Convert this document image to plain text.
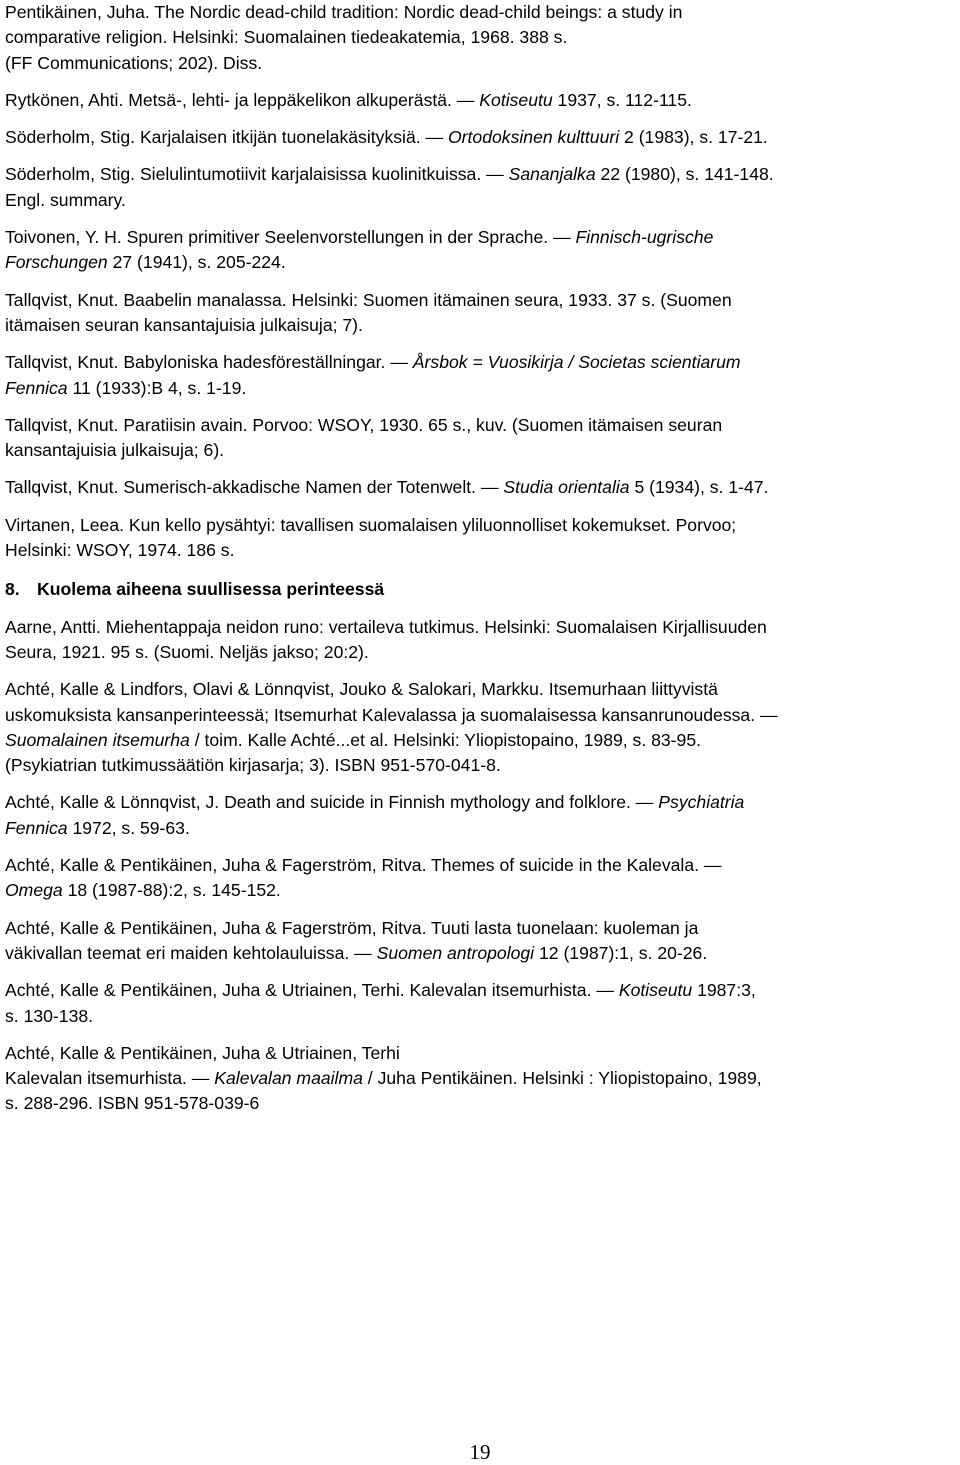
Pentikäinen, Juha. The Nordic dead-child tradition: Nordic dead-child beings: a study in

comparative religion. Helsinki: Suomalainen tiedeakatemia, 1968. 388 s.

(FF Communications; 202). Diss.

Rytkönen, Ahti. Metsä-, lehti- ja leppäkelikon alkuperästä. — Kotiseutu 1937, s. 112-115.

Söderholm, Stig. Karjalaisen itkijän tuonelakäsityksiä. — Ortodoksinen kulttuuri 2 (1983), s. 17-21.

Söderholm, Stig. Sielulintumotiivit karjalaisissa kuolinitkuissa. — Sananjalka 22 (1980), s. 141-148.

Engl. summary.

Toivonen, Y. H. Spuren primitiver Seelenvorstellungen in der Sprache. — Finnisch-ugrische

Forschungen 27 (1941), s. 205-224.

Tallqvist, Knut. Baabelin manalassa. Helsinki: Suomen itämainen seura, 1933. 37 s. (Suomen

itämaisen seuran kansantajuisia julkaisuja; 7).

Tallqvist, Knut. Babyloniska hadesföreställningar. — Årsbok = Vuosikirja / Societas scientiarum

Fennica 11 (1933):B 4, s. 1-19.

Tallqvist, Knut. Paratiisin avain. Porvoo: WSOY, 1930. 65 s., kuv. (Suomen itämaisen seuran

kansantajuisia julkaisuja; 6).

Tallqvist, Knut. Sumerisch-akkadische Namen der Totenwelt. — Studia orientalia 5 (1934), s. 1-47.

Virtanen, Leea. Kun kello pysähtyi: tavallisen suomalaisen yliluonnolliset kokemukset. Porvoo;

Helsinki: WSOY, 1974. 186 s.

8. Kuolema aiheena suullisessa perinteessä

Aarne, Antti. Miehentappaja neidon runo: vertaileva tutkimus. Helsinki: Suomalaisen Kirjallisuuden

Seura, 1921. 95 s. (Suomi. Neljäs jakso; 20:2).

Achté, Kalle & Lindfors, Olavi & Lönnqvist, Jouko & Salokari, Markku. Itsemurhaan liittyvistä

uskomuksista kansanperinteessä; Itsemurhat Kalevalassa ja suomalaisessa kansanrunoudessa. —

Suomalainen itsemurha / toim. Kalle Achté...et al. Helsinki: Yliopistopaino, 1989, s. 83-95.

(Psykiatrian tutkimussäätiön kirjasarja; 3). ISBN 951-570-041-8.

Achté, Kalle & Lönnqvist, J. Death and suicide in Finnish mythology and folklore. — Psychiatria

Fennica 1972, s. 59-63.

Achté, Kalle & Pentikäinen, Juha & Fagerström, Ritva. Themes of suicide in the Kalevala. —

Omega 18 (1987-88):2, s. 145-152.

Achté, Kalle & Pentikäinen, Juha & Fagerström, Ritva. Tuuti lasta tuonelaan: kuoleman ja

väkivallan teemat eri maiden kehtolauluissa. — Suomen antropologi 12 (1987):1, s. 20-26.

Achté, Kalle & Pentikäinen, Juha & Utriainen, Terhi. Kalevalan itsemurhista. — Kotiseutu 1987:3,

s. 130-138.

Achté, Kalle & Pentikäinen, Juha & Utriainen, Terhi

Kalevalan itsemurhista. — Kalevalan maailma / Juha Pentikäinen. Helsinki : Yliopistopaino, 1989,

s. 288-296. ISBN 951-578-039-6

19
